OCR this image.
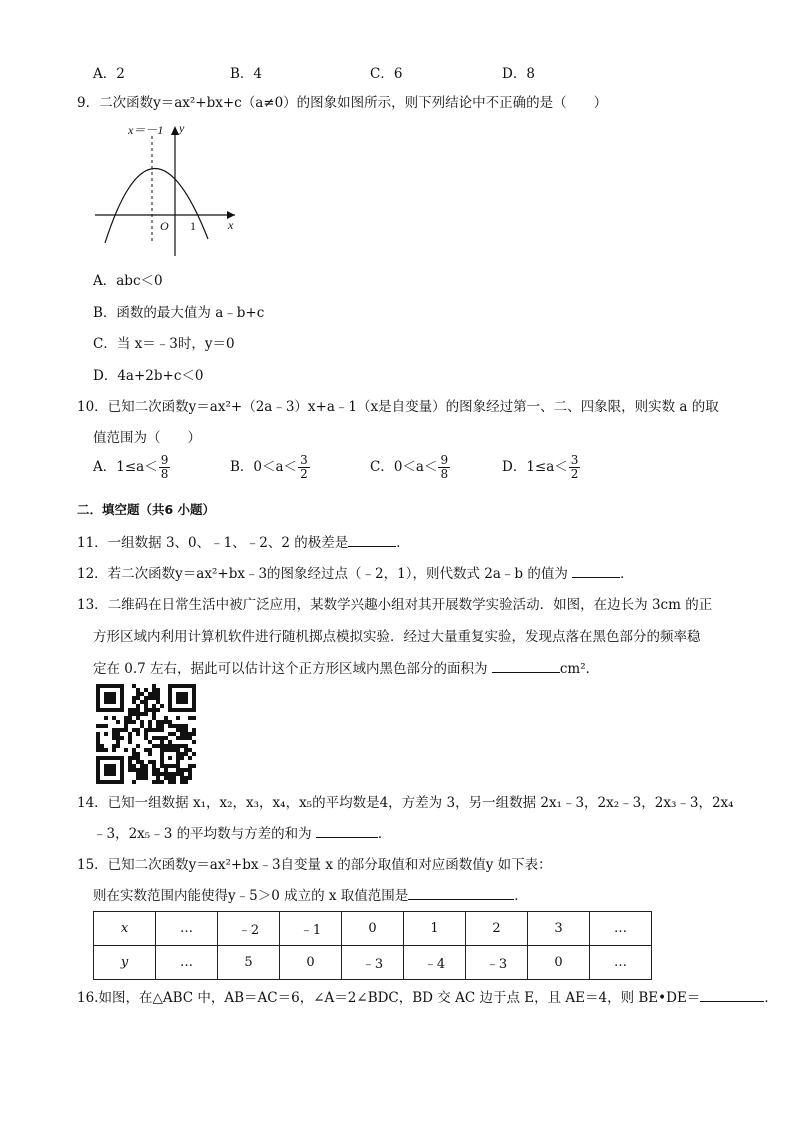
A．2	B．4	C．6	D．8
9．二次函数y＝ax²+bx+c（a≠0）的图象如图所示，则下列结论中不正确的是（　　）
x＝－1 y
x
O 1
A．abc＜0
B．函数的最大值为 a﹣b+c
C．当 x＝﹣3时，y＝0
D．4a+2b+c＜0
10．已知二次函数y＝ax²+（2a﹣3）x+a﹣1（x是自变量）的图象经过第一、二、四象限，则实数 a 的取
值范围为（　　）
A．$1\le a< \frac{9}{8}$	B．$0<a< \frac{3}{2}$	C．$0<a< \frac{9}{8}$	D．$1\le a< \frac{3}{2}$
二．填空题（共6 小题）
11．一组数据 3、0、﹣1、﹣2、2 的极差是	．
12．若二次函数y＝ax²+bx﹣3的图象经过点（﹣2，1），则代数式 2a﹣b 的值为	．
13．二维码在日常生活中被广泛应用，某数学兴趣小组对其开展数学实验活动．如图，在边长为 3cm 的正
方形区域内利用计算机软件进行随机掷点模拟实验．经过大量重复实验，发现点落在黑色部分的频率稳
定在 0.7 左右，据此可以估计这个正方形区域内黑色部分的面积为	cm²．
14．已知一组数据 x₁，x₂，x₃，x₄，x₅的平均数是4，方差为 3，另一组数据 2x₁﹣3，2x₂﹣3，2x₃﹣3，2x₄
﹣3，2x₅﹣3 的平均数与方差的和为	．
15．已知二次函数y＝ax²+bx﹣3自变量 x 的部分取值和对应函数值y 如下表：
则在实数范围内能使得y﹣5＞0 成立的 x 取值范围是	．
x	…	﹣2	﹣1	0	1	2	3	…
y	…	5	0	﹣3	﹣4	﹣3	0	…
16.如图，在△ABC 中，AB＝AC＝6，∠A＝2∠BDC，BD 交 AC 边于点 E，且 AE＝4，则 BE•DE＝	．
